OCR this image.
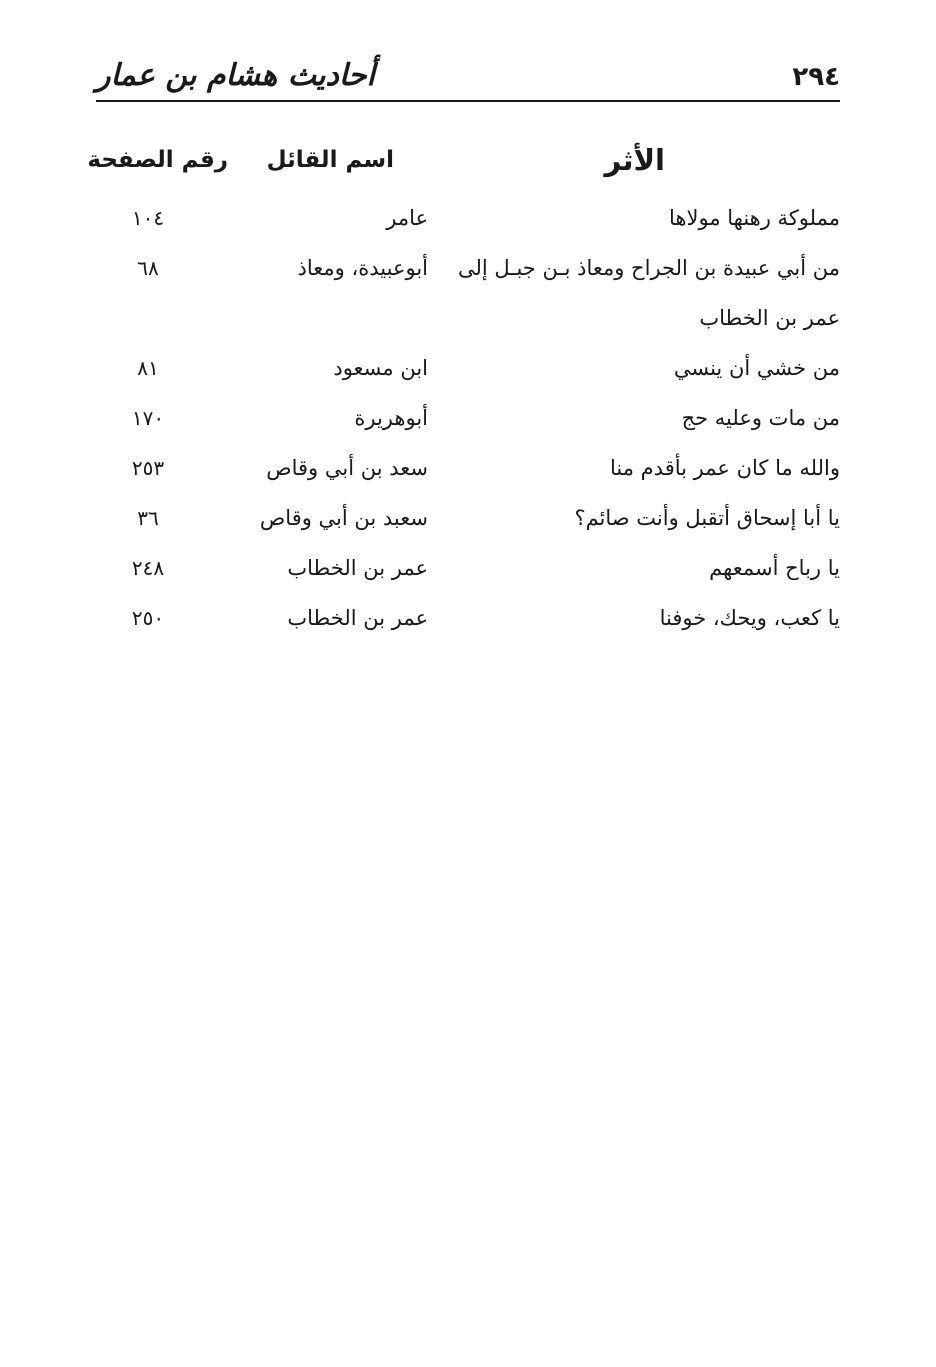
٢٩٤
أحاديث هشام بن عمار
الأثر
اسم القائل
رقم الصفحة
مملوكة رهنها مولاها
عامر
١٠٤
من أبي عبيدة بن الجراح ومعاذ بـن جبـل إلى
أبوعبيدة، ومعاذ
٦٨
عمر بن الخطاب
من خشي أن ينسي
ابن مسعود
٨١
من مات وعليه حج
أبوهريرة
١٧٠
والله ما كان عمر بأقدم منا
سعد بن أبي وقاص
٢٥٣
يا أبا إسحاق أتقبل وأنت صائم؟
سعبد بن أبي وقاص
٣٦
يا رباح أسمعهم
عمر بن الخطاب
٢٤٨
يا كعب، ويحك، خوفنا
عمر بن الخطاب
٢٥٠
